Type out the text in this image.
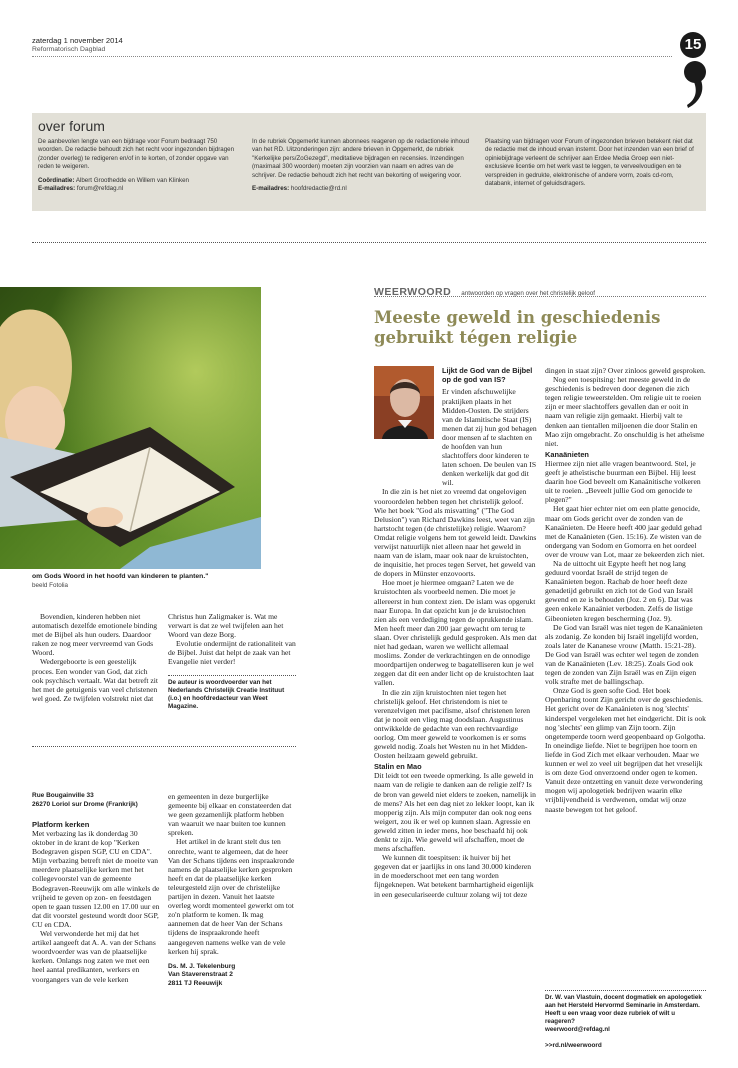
zaterdag 1 november 2014
Reformatorisch Dagblad	15
over forum

De aanbevolen lengte van een bijdrage voor Forum bedraagt 750 woorden. De redactie behoudt zich het recht voor ingezonden bijdragen (zonder overleg) te redigeren en/of in te korten, of zonder opgave van reden te weigeren.

Coördinatie: Albert Groothedde en Willem van Klinken

E-mailadres: forum@refdag.nl

In de rubriek Opgemerkt kunnen abonnees reageren op de redactionele inhoud van het RD. Uitzonderingen zijn: andere brieven in Opgemerkt, de rubriek "Kerkelijke pers/ZoGezegd", meditatieve bijdragen en recensies. Inzendingen (maximaal 300 woorden) moeten zijn voorzien van naam en adres van de schrijver. De redactie behoudt zich het recht van bekorting of weigering voor.

E-mailadres: hoofdredactie@rd.nl

Plaatsing van bijdragen voor Forum of ingezonden brieven betekent niet dat de redactie met de inhoud ervan instemt. Door het inzenden van een brief of opiniebijdrage verleent de schrijver aan Erdee Media Groep een niet-exclusieve licentie om het werk vast te leggen, te verveelvoudigen en te verspreiden in gedrukte, elektronische of andere vorm, zoals cd-rom, databank, internet of geluidsdragers.

om Gods Woord in het hoofd van kinderen te planten."
beeld Fotolia

Bovendien, kinderen hebben niet automatisch dezelfde emotionele binding met de Bijbel als hun ouders. Daardoor raken ze nog meer vervreemd van Gods Woord.

Wedergeboorte is een geestelijk proces. Een wonder van God, dat zich ook psychisch vertaalt. Wat dat betreft zit het met de getuigenis van veel christenen wel goed. Ze twijfelen volstrekt niet dat

Christus hun Zaligmaker is. Wat me verwart is dat ze wel twijfelen aan het Woord van deze Borg.

Evolutie ondermijnt de rationaliteit van de Bijbel. Juist dat helpt de zaak van het Evangelie niet verder!

De auteur is woordvoerder van het Nederlands Christelijk Creatie Instituut (i.o.) en hoofdredacteur van Weet Magazine.
Rue Bougainville 33
26270 Loriol sur Drome (Frankrijk)
Platform kerken

Met verbazing las ik donderdag 30 oktober in de krant de kop "Kerken Bodegraven gispen SGP, CU en CDA". Mijn verbazing betreft niet de moeite van meerdere plaatselijke kerken met het collegevoorstel van de gemeente Bodegraven-Reeuwijk om alle winkels de vrijheid te geven op zon- en feestdagen open te gaan tussen 12.00 en 17.00 uur en dat dit voorstel gesteund wordt door SGP, CU en CDA.

Wel verwonderde het mij dat het artikel aangeeft dat A. A. van der Schans woordvoerder was van de plaatselijke kerken. Onlangs nog zaten we met een heel aantal predikanten, werkers en voorgangers van de vele kerken

en gemeenten in deze burgerlijke gemeente bij elkaar en constateerden dat we geen gezamenlijk platform hebben van waaruit we naar buiten toe kunnen spreken.

Het artikel in de krant stelt dus ten onrechte, want te algemeen, dat de heer Van der Schans tijdens een inspraakronde namens de plaatselijke kerken gesproken heeft en dat de plaatselijke kerken teleurgesteld zijn over de christelijke partijen in dezen. Vanuit het laatste overleg wordt momenteel gewerkt om tot zo'n platform te komen. Ik mag aannemen dat de heer Van der Schans tijdens de inspraakronde heeft aangegeven namens welke van de vele kerken hij sprak.

Ds. M. J. Tekelenburg
Van Staverenstraat 2
2811 TJ Reeuwijk
WEERWOORD antwoorden op vragen over het christelijk geloof
Meeste geweld in geschiedenis
gebruikt tégen religie
Lijkt de God van de Bijbel op de god van IS?

Er vinden afschuwelijke praktijken plaats in het Midden-Oosten. De strijders van de Islamitische Staat (IS) menen dat zij hun god behagen door mensen af te slachten en de hoofden van hun slachtoffers door kinderen te laten schoen. De beulen van IS denken werkelijk dat god dit wil.

In die zin is het niet zo vreemd dat ongelovigen vooroordelen hebben tegen het christelijk geloof. Wie het boek "God als misvatting" ("The God Delusion") van Richard Dawkins leest, weet van zijn hartstocht tegen (de christelijke) religie. Waarom? Omdat religie volgens hem tot geweld leidt. Dawkins verwijst natuurlijk niet alleen naar het geweld in naam van de islam, maar ook naar de kruistochten, de inquisitie, het proces tegen Servet, het geweld van de dopers in Münster enzovoorts.

Hoe moet je hiermee omgaan? Laten we de kruistochten als voorbeeld nemen. Die moet je allereerst in hun context zien. De islam was opgerukt naar Europa. In dat opzicht kun je de kruistochten zien als een verdediging tegen de oprukkende islam. Men heeft meer dan 200 jaar gewacht om terug te slaan. Over christelijk geduld gesproken. Als men dat niet had gedaan, waren we wellicht allemaal moslims. Zonder de verkrachtingen en de onnodige moordpartijen onderweg te bagatelliseren kun je wel zeggen dat dit een ander licht op de kruistochten laat vallen.

In die zin zijn kruistochten niet tegen het christelijk geloof. Het christendom is niet te verenzelvigen met pacifisme, alsof christenen leren dat je nooit een vlieg mag doodslaan. Augustinus ontwikkelde de gedachte van een rechtvaardige oorlog. Om meer geweld te voorkomen is er soms geweld nodig. Zoals het Westen nu in het Midden-Oosten heilzaam geweld gebruikt.

Stalin en Mao

Dit leidt tot een tweede opmerking. Is alle geweld in naam van de religie te danken aan de religie zelf? Is de bron van geweld niet elders te zoeken, namelijk in de mens? Als het een dag niet zo lekker loopt, kan ik mopperig zijn. Als mijn computer dan ook nog eens weigert, zou ik er wel op kunnen slaan. Agressie en geweld zitten in ieder mens, hoe beschaafd hij ook denkt te zijn. Wie geweld wil afschaffen, moet de mens afschaffen.

We kunnen dit toespitsen: ik huiver bij het gegeven dat er jaarlijks in ons land 30.000 kinderen in de moederschoot met een tang worden fijngeknepen. Wat betekent barmhartigheid eigenlijk in een geseculariseerde cultuur zolang wij tot deze

dingen in staat zijn? Over zinloos geweld gesproken.

Nog een toespitsing: het meeste geweld in de geschiedenis is bedreven door degenen die zich tegen religie teweerstelden. Om religie uit te roeien zijn er meer slachtoffers gevallen dan er ooit in naam van religie zijn gemaakt. Hierbij valt te denken aan tientallen miljoenen die door Stalin en Mao zijn omgebracht. Zo onschuldig is het atheïsme niet.

Kanaänieten

Hiermee zijn niet alle vragen beantwoord. Stel, je geeft je atheïstische buurman een Bijbel. Hij leest daarin hoe God beveelt om Kanaänitische volkeren uit te roeien. „Beveelt jullie God om genocide te plegen?"

Het gaat hier echter niet om een platte genocide, maar om Gods gericht over de zonden van de Kanaänieten. De Heere heeft 400 jaar geduld gehad met de Kanaänieten (Gen. 15:16). Ze wisten van de ondergang van Sodom en Gomorra en het oordeel over de vrouw van Lot, maar ze bekeerden zich niet.

Na de uittocht uit Egypte heeft het nog lang geduurd voordat Israël de strijd tegen de Kanaänieten begon. Rachab de hoer heeft deze genadetijd gebruikt en zich tot de God van Israël gewend en ze is behouden (Joz. 2 en 6). Dat was geen enkele Kanaäniet verboden. Zelfs de listige Gibeonieten kregen bescherming (Joz. 9).

De God van Israël was niet tegen de Kanaänieten als zodanig. Ze konden bij Israël ingelijfd worden, zoals later de Kananese vrouw (Matth. 15:21-28). De God van Israël was echter wel tegen de zonden van de Kanaänieten (Lev. 18:25). Zoals God ook tegen de zonden van Zijn Israël was en Zijn eigen volk strafte met de ballingschap.

Onze God is geen softe God. Het boek Openbaring toont Zijn gericht over de geschiedenis. Het gericht over de Kanaänieten is nog 'slechts' kinderspel vergeleken met het eindgericht. Dit is ook nog 'slechts' een glimp van Zijn toorn. Zijn ongetemperde toorn werd geopenbaard op Golgotha. In oneindige liefde. Niet te begrijpen hoe toorn en liefde in God Zich met elkaar verhouden. Maar we kunnen er wel zo veel uit begrijpen dat het vreselijk is om deze God onverzoend onder ogen te komen. Vanuit deze ontzetting en vanuit deze verwondering mogen wij apologetiek bedrijven waarin elke vrijblijvendheid is verdwenen, omdat wij onze naaste bewegen tot het geloof.

Dr. W. van Vlastuin, docent dogmatiek en apologetiek aan het Hersteld Hervormd Seminarie in Amsterdam. Heeft u een vraag voor deze rubriek of wilt u reageren?
weerwoord@refdag.nl
>>rd.nl/weerwoord
